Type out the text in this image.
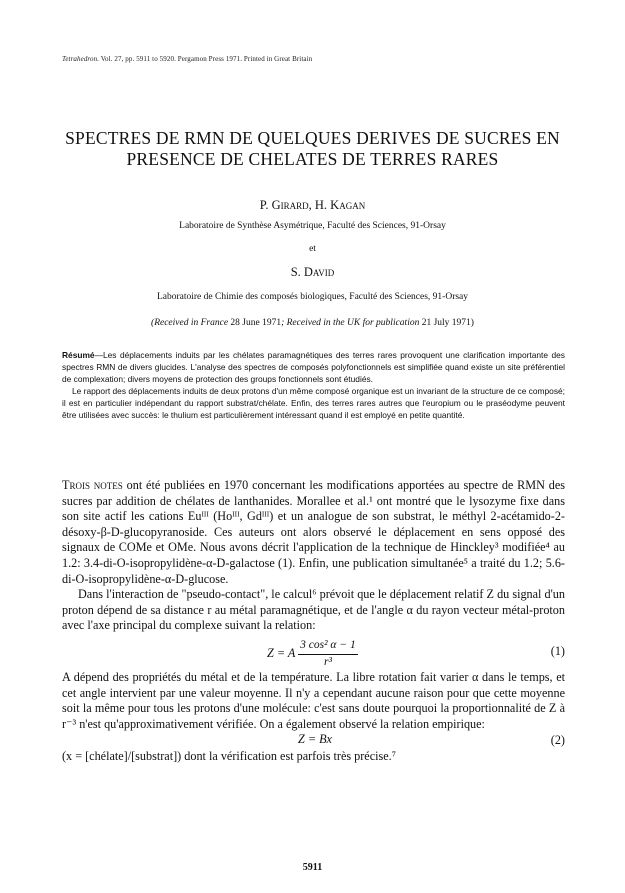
Tetrahedron. Vol. 27, pp. 5911 to 5920. Pergamon Press 1971. Printed in Great Britain
SPECTRES DE RMN DE QUELQUES DERIVES DE SUCRES EN PRESENCE DE CHELATES DE TERRES RARES
P. Girard, H. Kagan
Laboratoire de Synthèse Asymétrique, Faculté des Sciences, 91-Orsay
et
S. David
Laboratoire de Chimie des composés biologiques, Faculté des Sciences, 91-Orsay
(Received in France 28 June 1971; Received in the UK for publication 21 July 1971)

Résumé—Les déplacements induits par les chélates paramagnétiques des terres rares provoquent une clarification importante des spectres RMN de divers glucides. L'analyse des spectres de composés polyfonctionnels est simplifiée quand existe un site préférentiel de complexation; divers moyens de protection des groups fonctionnels sont étudiés.

Le rapport des déplacements induits de deux protons d'un même composé organique est un invariant de la structure de ce composé; il est en particulier indépendant du rapport substrat/chélate. Enfin, des terres rares autres que l'europium ou le praséodyme peuvent être utilisées avec succès: le thulium est particulièrement intéressant quand il est employé en petite quantité.

Trois notes ont été publiées en 1970 concernant les modifications apportées au spectre de RMN des sucres par addition de chélates de lanthanides. Morallee et al.¹ ont montré que le lysozyme fixe dans son site actif les cations Euᴵᴵᴵ (Hoᴵᴵᴵ, Gdᴵᴵᴵ) et un analogue de son substrat, le méthyl 2-acétamido-2-désoxy-β-D-glucopyranoside. Ces auteurs ont alors observé le déplacement en sens opposé des signaux de COMe et OMe. Nous avons décrit l'application de la technique de Hinckley³ modifiée⁴ au 1.2: 3.4-di-O-isopropylidène-α-D-galactose (1). Enfin, une publication simultanée⁵ a traité du 1.2; 5.6-di-O-isopropylidène-α-D-glucose.

Dans l'interaction de "pseudo-contact", le calcul⁶ prévoit que le déplacement relatif Z du signal d'un proton dépend de sa distance r au métal paramagnétique, et de l'angle α du rayon vecteur métal-proton avec l'axe principal du complexe suivant la relation:

Z = A $\frac{\text{3 cos² α − 1}}{\text{r³}}$	(1)

A dépend des propriétés du métal et de la température. La libre rotation fait varier α dans le temps, et cet angle intervient par une valeur moyenne. Il n'y a cependant aucune raison pour que cette moyenne soit la même pour tous les protons d'une molécule: c'est sans doute pourquoi la proportionnalité de Z à r⁻³ n'est qu'approximativement vérifiée. On a également observé la relation empirique:

Z = Bx	(2)

(x = [chélate]/[substrat]) dont la vérification est parfois très précise.⁷

5911
